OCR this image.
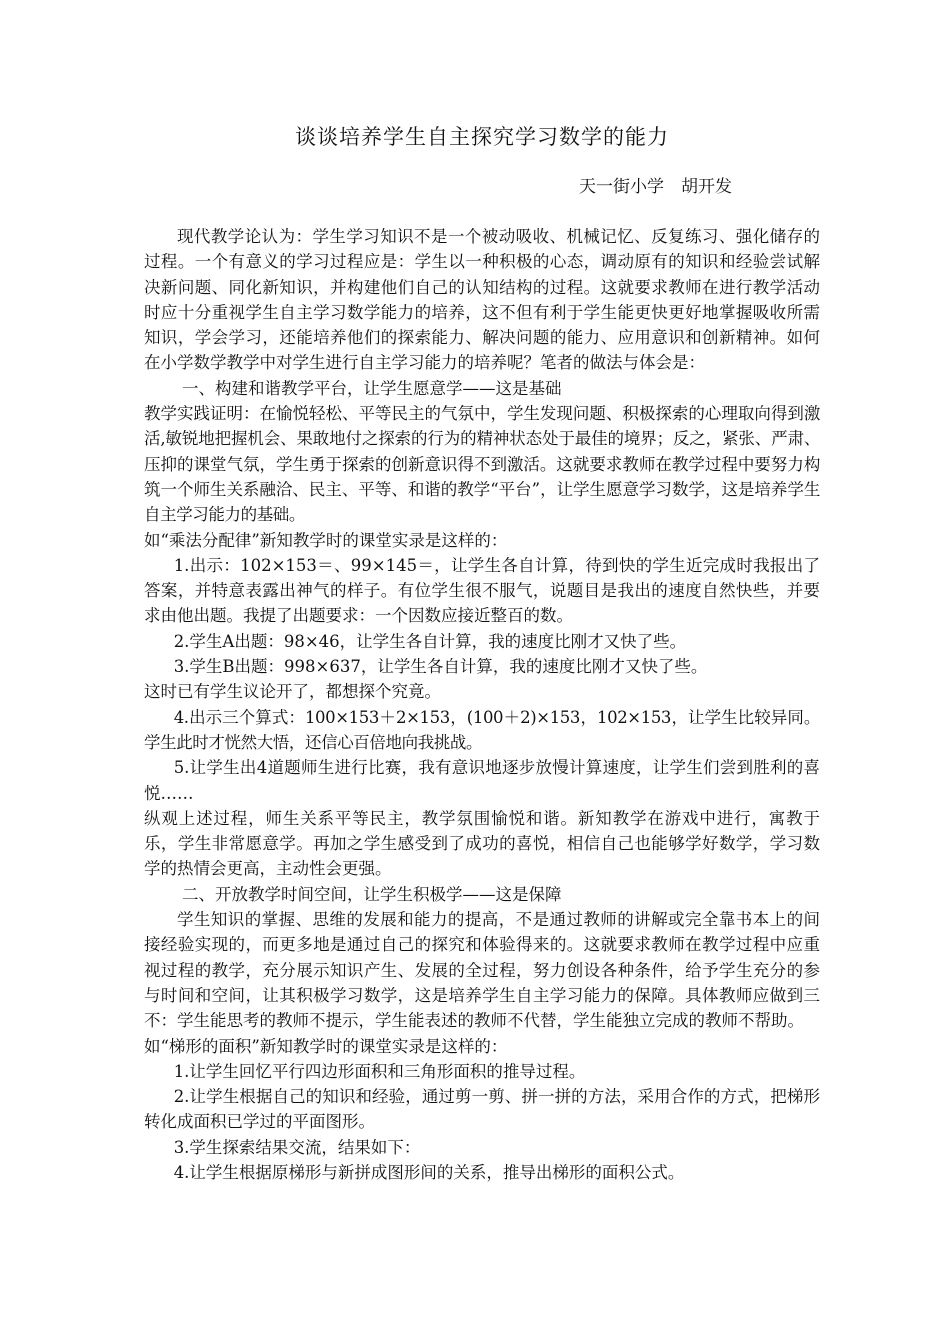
谈谈培养学生自主探究学习数学的能力
天一街小学　胡开发

现代教学论认为：学生学习知识不是一个被动吸收、机械记忆、反复练习、强化储存的过程。一个有意义的学习过程应是：学生以一种积极的心态，调动原有的知识和经验尝试解决新问题、同化新知识，并构建他们自己的认知结构的过程。这就要求教师在进行教学活动时应十分重视学生自主学习数学能力的培养，这不但有利于学生能更快更好地掌握吸收所需知识，学会学习，还能培养他们的探索能力、解决问题的能力、应用意识和创新精神。如何在小学数学教学中对学生进行自主学习能力的培养呢？笔者的做法与体会是：

一、构建和谐教学平台，让学生愿意学——这是基础

教学实践证明：在愉悦轻松、平等民主的气氛中，学生发现问题、积极探索的心理取向得到激活,敏锐地把握机会、果敢地付之探索的行为的精神状态处于最佳的境界；反之，紧张、严肃、压抑的课堂气氛，学生勇于探索的创新意识得不到激活。这就要求教师在教学过程中要努力构筑一个师生关系融洽、民主、平等、和谐的教学“平台”，让学生愿意学习数学，这是培养学生自主学习能力的基础。

如“乘法分配律”新知教学时的课堂实录是这样的：

1.出示：102×153＝、99×145＝，让学生各自计算，待到快的学生近完成时我报出了答案，并特意表露出神气的样子。有位学生很不服气，说题目是我出的速度自然快些，并要求由他出题。我提了出题要求：一个因数应接近整百的数。

2.学生A出题：98×46，让学生各自计算，我的速度比刚才又快了些。

3.学生B出题：998×637，让学生各自计算，我的速度比刚才又快了些。

这时已有学生议论开了，都想探个究竟。

4.出示三个算式：100×153＋2×153，(100＋2)×153，102×153，让学生比较异同。学生此时才恍然大悟，还信心百倍地向我挑战。

5.让学生出4道题师生进行比赛，我有意识地逐步放慢计算速度，让学生们尝到胜利的喜悦……

纵观上述过程，师生关系平等民主，教学氛围愉悦和谐。新知教学在游戏中进行，寓教于乐，学生非常愿意学。再加之学生感受到了成功的喜悦，相信自己也能够学好数学，学习数学的热情会更高，主动性会更强。

二、开放教学时间空间，让学生积极学——这是保障

学生知识的掌握、思维的发展和能力的提高，不是通过教师的讲解或完全靠书本上的间接经验实现的，而更多地是通过自己的探究和体验得来的。这就要求教师在教学过程中应重视过程的教学，充分展示知识产生、发展的全过程，努力创设各种条件，给予学生充分的参与时间和空间，让其积极学习数学，这是培养学生自主学习能力的保障。具体教师应做到三不：学生能思考的教师不提示，学生能表述的教师不代替，学生能独立完成的教师不帮助。

如“梯形的面积”新知教学时的课堂实录是这样的：

1.让学生回忆平行四边形面积和三角形面积的推导过程。

2.让学生根据自己的知识和经验，通过剪一剪、拼一拼的方法，采用合作的方式，把梯形转化成面积已学过的平面图形。

3.学生探索结果交流，结果如下：

4.让学生根据原梯形与新拼成图形间的关系，推导出梯形的面积公式。
